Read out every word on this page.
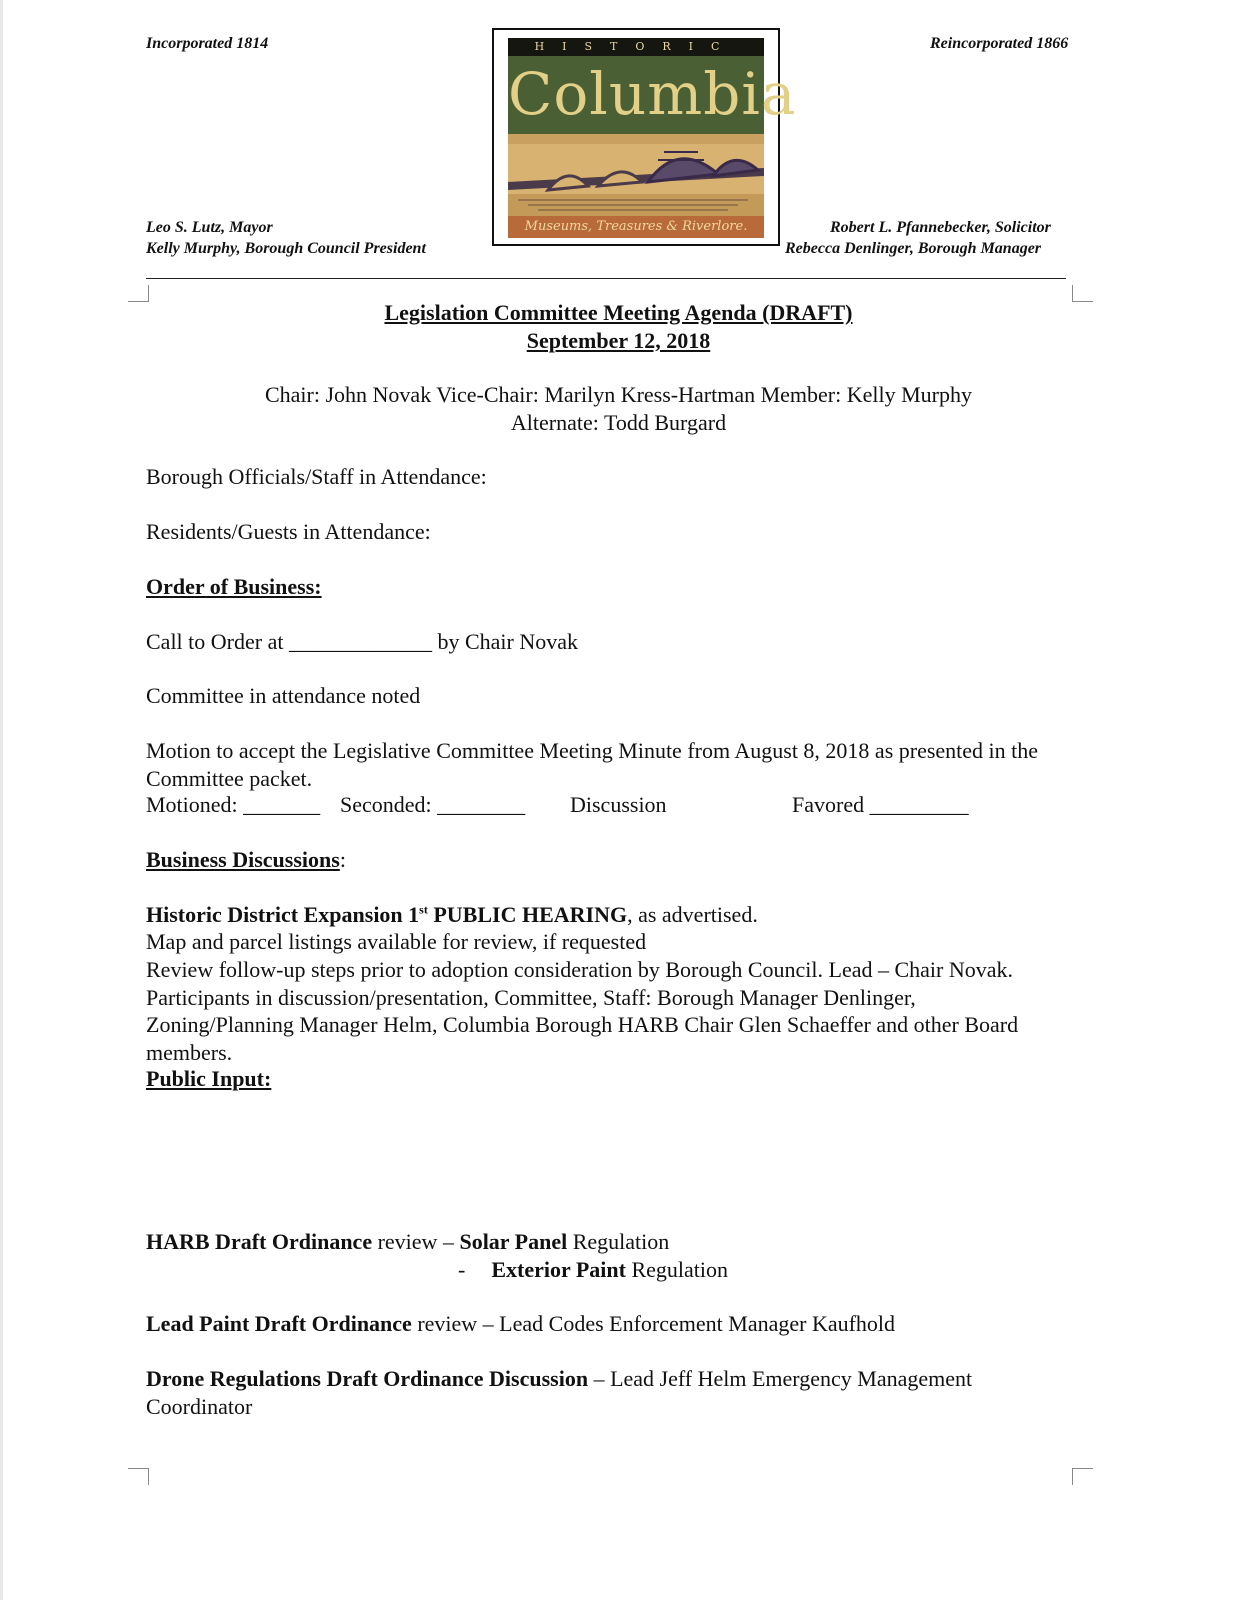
Incorporated 1814	Reincorporated 1866
HISTORIC
Columbia
Museums, Treasures & Riverlore.
Leo S. Lutz, Mayor
Kelly Murphy, Borough Council President
Robert L. Pfannebecker, Solicitor
Rebecca Denlinger, Borough Manager
Legislation Committee Meeting Agenda (DRAFT)
September 12, 2018
Chair: John Novak Vice-Chair: Marilyn Kress-Hartman Member: Kelly Murphy
Alternate: Todd Burgard
Borough Officials/Staff in Attendance:
Residents/Guests in Attendance:
Order of Business:
Call to Order at _____________ by Chair Novak
Committee in attendance noted
Motion to accept the Legislative Committee Meeting Minute from August 8, 2018 as presented in the Committee packet.
Motioned: _______ Seconded: ________ Discussion	Favored _________
Business Discussions:
Historic District Expansion 1st PUBLIC HEARING, as advertised.
Map and parcel listings available for review, if requested
Review follow-up steps prior to adoption consideration by Borough Council. Lead – Chair Novak. Participants in discussion/presentation, Committee, Staff: Borough Manager Denlinger, Zoning/Planning Manager Helm, Columbia Borough HARB Chair Glen Schaeffer and other Board members.
Public Input:
HARB Draft Ordinance review – Solar Panel Regulation
- Exterior Paint Regulation
Lead Paint Draft Ordinance review – Lead Codes Enforcement Manager Kaufhold
Drone Regulations Draft Ordinance Discussion – Lead Jeff Helm Emergency Management Coordinator
